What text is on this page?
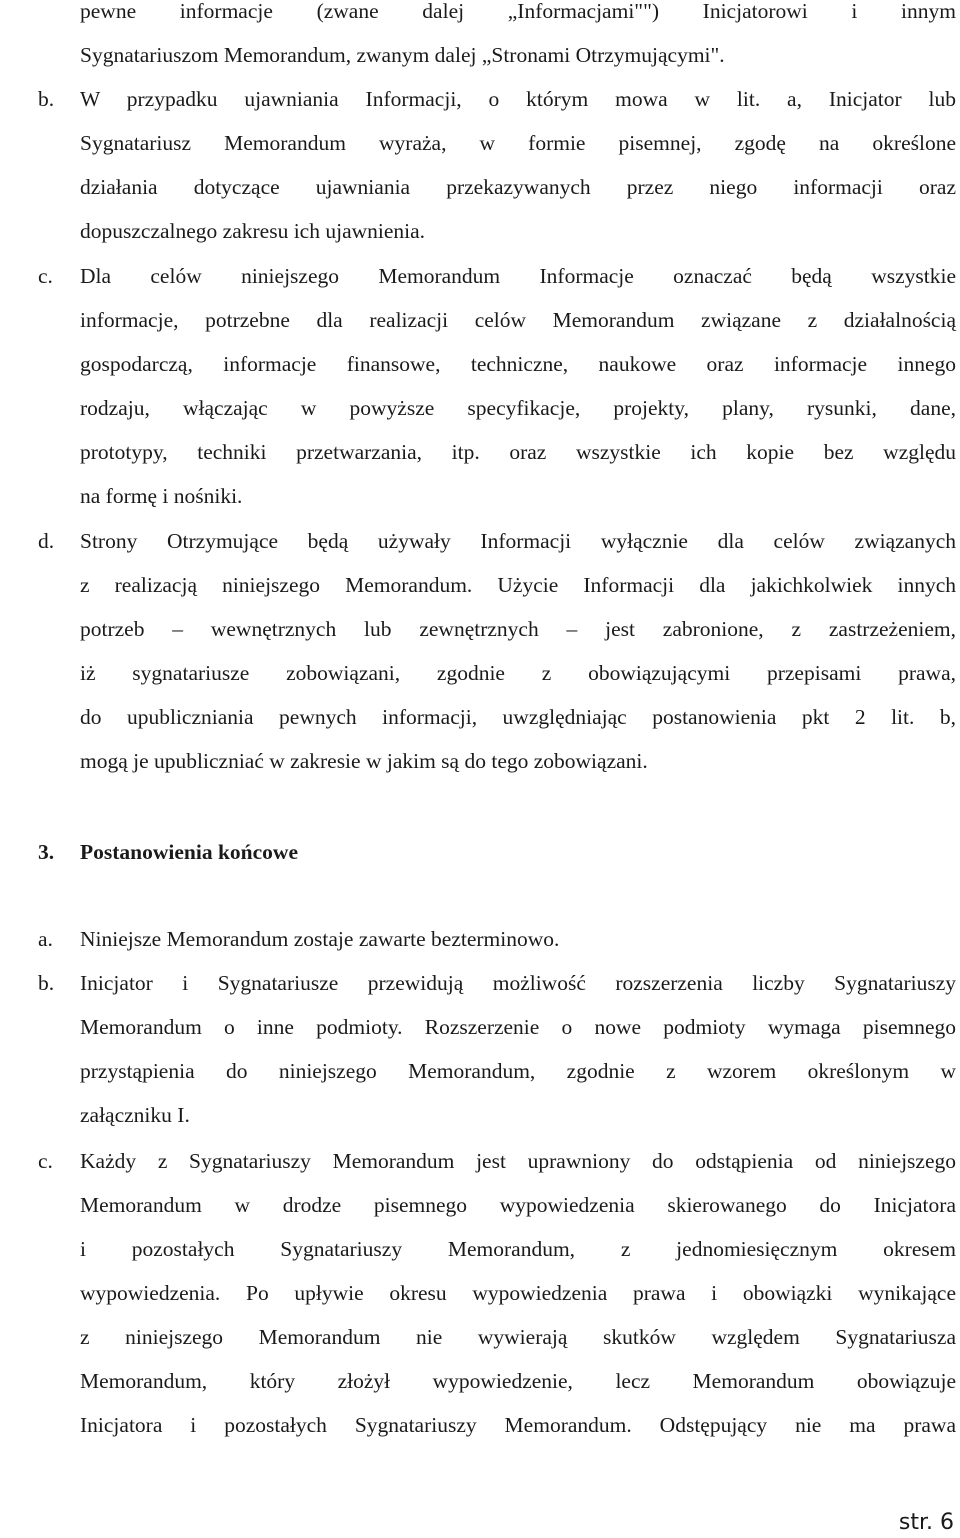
pewne informacje (zwane dalej „Informacjami"") Inicjatorowi i innym
Sygnatariuszom Memorandum, zwanym dalej „Stronami Otrzymującymi".
b. W przypadku ujawniania Informacji, o którym mowa w lit. a, Inicjator lub
Sygnatariusz Memorandum wyraża, w formie pisemnej, zgodę na określone
działania dotyczące ujawniania przekazywanych przez niego informacji oraz
dopuszczalnego zakresu ich ujawnienia.
c. Dla celów niniejszego Memorandum Informacje oznaczać będą wszystkie
informacje, potrzebne dla realizacji celów Memorandum związane z działalnością
gospodarczą, informacje finansowe, techniczne, naukowe oraz informacje innego
rodzaju, włączając w powyższe specyfikacje, projekty, plany, rysunki, dane,
prototypy, techniki przetwarzania, itp. oraz wszystkie ich kopie bez względu
na formę i nośniki.
d. Strony Otrzymujące będą używały Informacji wyłącznie dla celów związanych
z realizacją niniejszego Memorandum. Użycie Informacji dla jakichkolwiek innych
potrzeb – wewnętrznych lub zewnętrznych – jest zabronione, z zastrzeżeniem,
iż sygnatariusze zobowiązani, zgodnie z obowiązującymi przepisami prawa,
do upubliczniania pewnych informacji, uwzględniając postanowienia pkt 2 lit. b,
mogą je upubliczniać w zakresie w jakim są do tego zobowiązani.
3. Postanowienia końcowe
a. Niniejsze Memorandum zostaje zawarte bezterminowo.
b. Inicjator i Sygnatariusze przewidują możliwość rozszerzenia liczby Sygnatariuszy
Memorandum o inne podmioty. Rozszerzenie o nowe podmioty wymaga pisemnego
przystąpienia do niniejszego Memorandum, zgodnie z wzorem określonym w
załączniku I.
c. Każdy z Sygnatariuszy Memorandum jest uprawniony do odstąpienia od niniejszego
Memorandum w drodze pisemnego wypowiedzenia skierowanego do Inicjatora
i pozostałych Sygnatariuszy Memorandum, z jednomiesięcznym okresem
wypowiedzenia. Po upływie okresu wypowiedzenia prawa i obowiązki wynikające
z niniejszego Memorandum nie wywierają skutków względem Sygnatariusza
Memorandum, który złożył wypowiedzenie, lecz Memorandum obowiązuje
Inicjatora i pozostałych Sygnatariuszy Memorandum. Odstępujący nie ma prawa
str. 6
